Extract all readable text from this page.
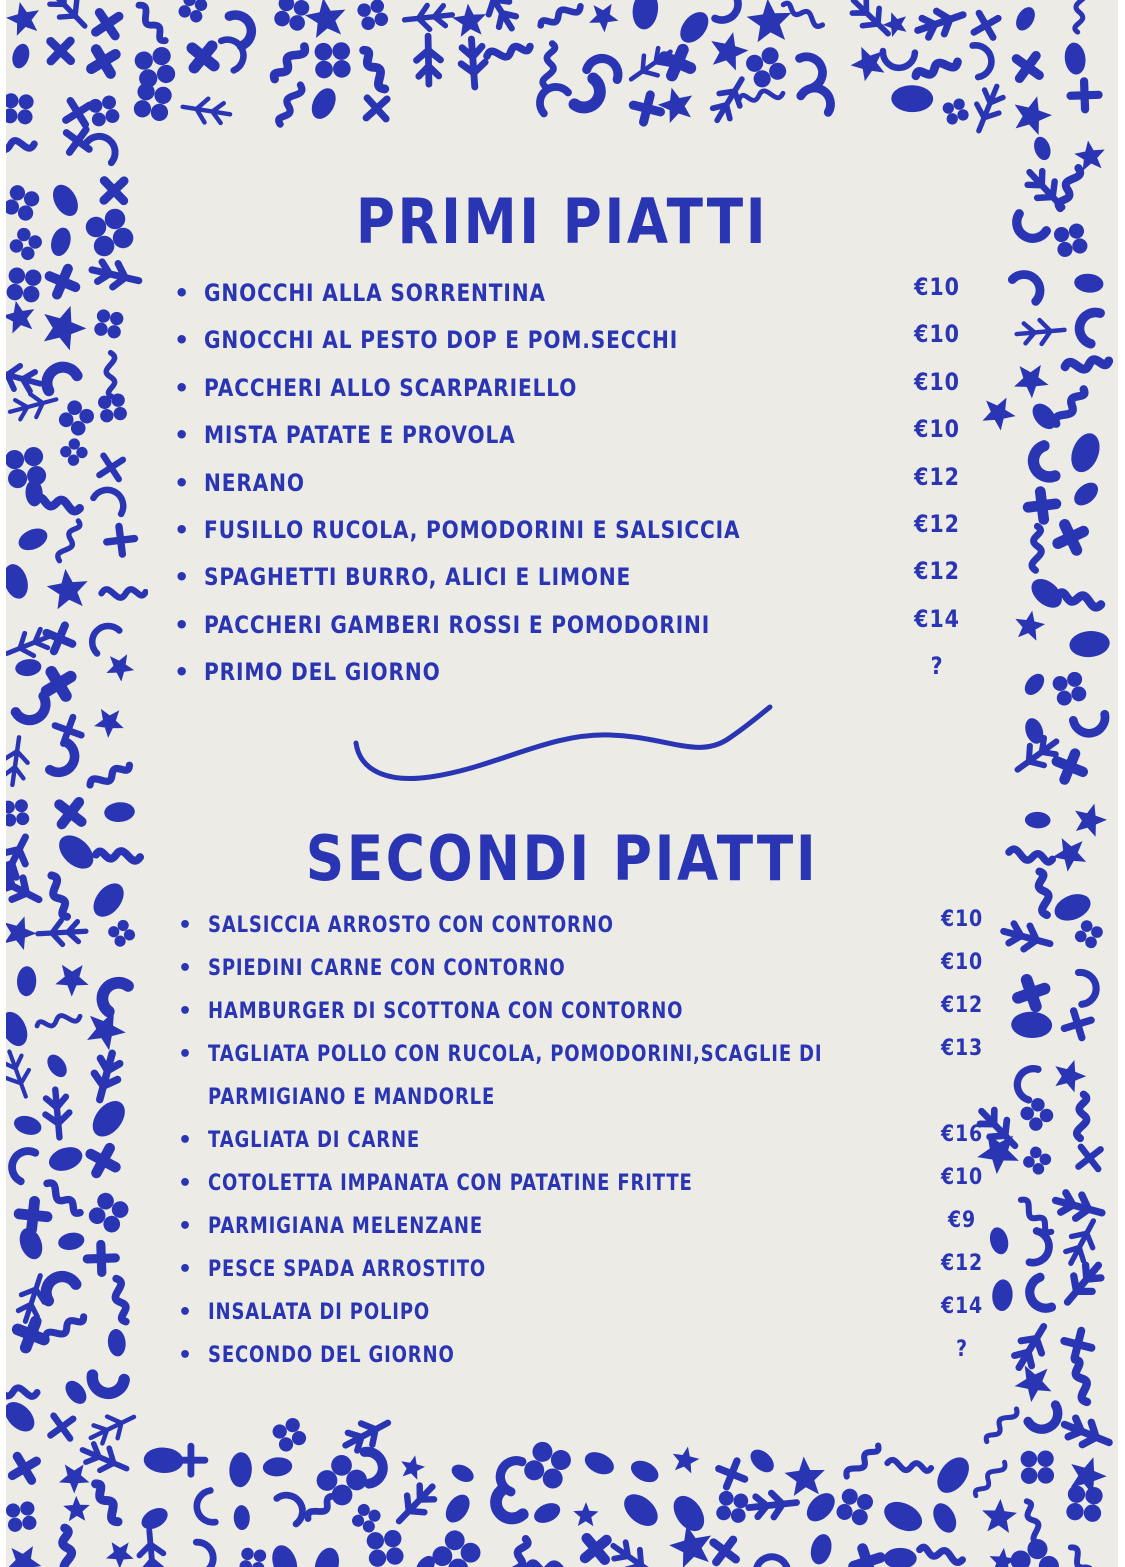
PRIMI PIATTI
• GNOCCHI ALLA SORRENTINA	€10
• GNOCCHI AL PESTO DOP E POM.SECCHI	€10
• PACCHERI ALLO SCARPARIELLO	€10
• MISTA PATATE E PROVOLA	€10
• NERANO	€12
• FUSILLO RUCOLA, POMODORINI E SALSICCIA	€12
• SPAGHETTI BURRO, ALICI E LIMONE	€12
• PACCHERI GAMBERI ROSSI E POMODORINI	€14
• PRIMO DEL GIORNO	?
SECONDI PIATTI
• SALSICCIA ARROSTO CON CONTORNO	€10
• SPIEDINI CARNE CON CONTORNO	€10
• HAMBURGER DI SCOTTONA CON CONTORNO	€12
• TAGLIATA POLLO CON RUCOLA, POMODORINI,SCAGLIE DI PARMIGIANO E MANDORLE
€13
• TAGLIATA DI CARNE	€16
• COTOLETTA IMPANATA CON PATATINE FRITTE	€10
• PARMIGIANA MELENZANE	€9
• PESCE SPADA ARROSTITO	€12
• INSALATA DI POLIPO	€14
• SECONDO DEL GIORNO	?
